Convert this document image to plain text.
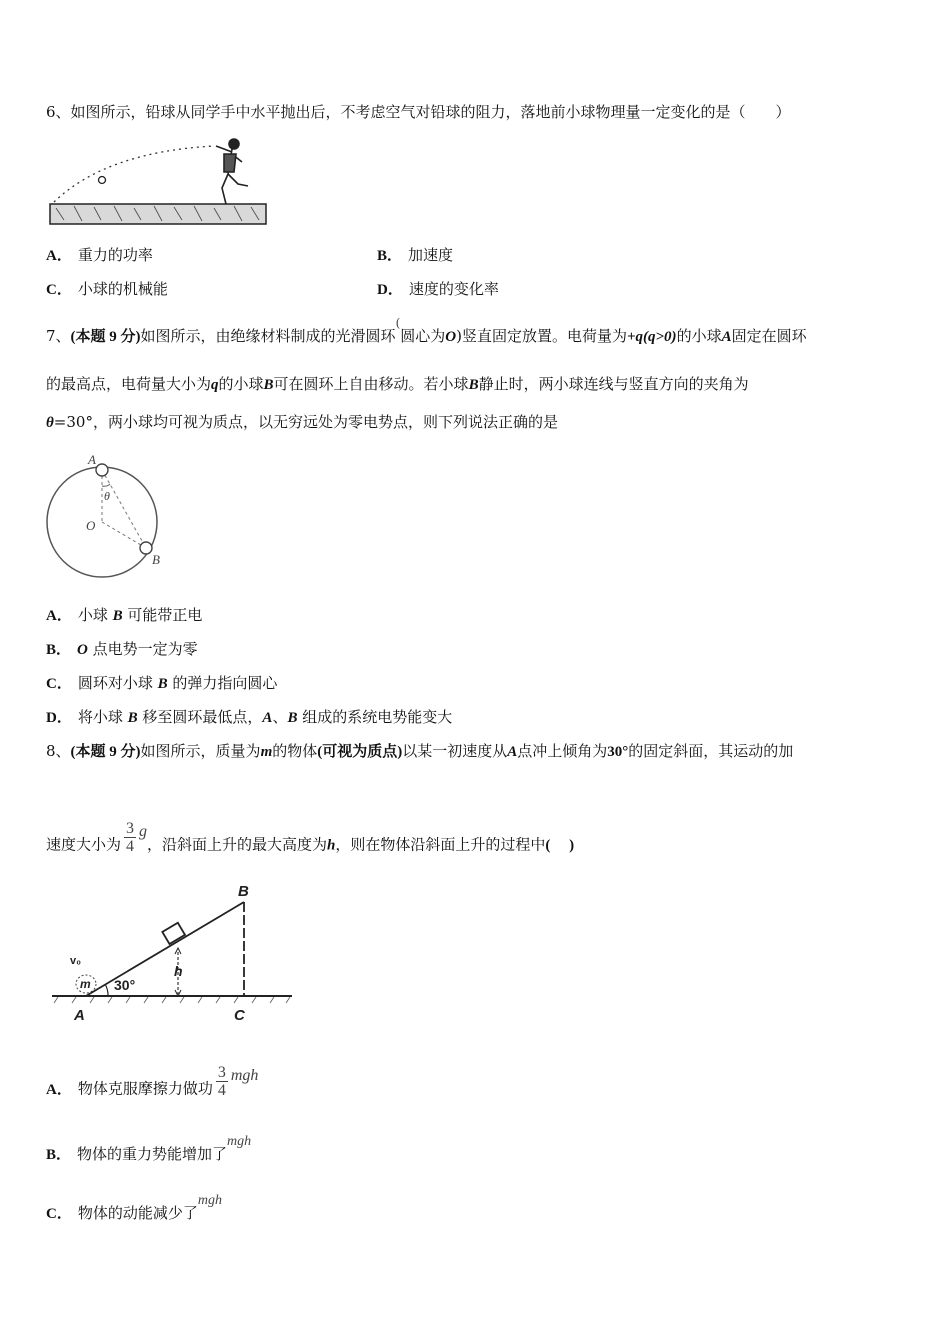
6、如图所示，铅球从同学手中水平抛出后，不考虑空气对铅球的阻力，落地前小球物理量一定变化的是（　　）
A． 重力的功率	B． 加速度
C． 小球的机械能	D． 速度的变化率
7、(本题 9 分)如图所示，由绝缘材料制成的光滑圆环(圆心为O)竖直固定放置。电荷量为+q(q>0)的小球A固定在圆环
的最高点，电荷量大小为q的小球B可在圆环上自由移动。若小球B静止时，两小球连线与竖直方向的夹角为
θ=30°，两小球均可视为质点，以无穷远处为零电势点，则下列说法正确的是
A
B
O
θ
A． 小球 B 可能带正电
B． O 点电势一定为零
C． 圆环对小球 B 的弹力指向圆心
D． 将小球 B 移至圆环最低点，A、B 组成的系统电势能变大
8、(本题 9 分)如图所示，质量为m的物体(可视为质点)以某一初速度从A点冲上倾角为30°的固定斜面，其运动的加
速度大小为 $\frac{3}{4}$ g，沿斜面上升的最大高度为h，则在物体沿斜面上升的过程中(　 )
h
30°
B
A	C
v₀
m
A． 物体克服摩擦力做功 $\frac{3}{4}$ mgh
B． 物体的重力势能增加了mgh
C． 物体的动能减少了mgh
